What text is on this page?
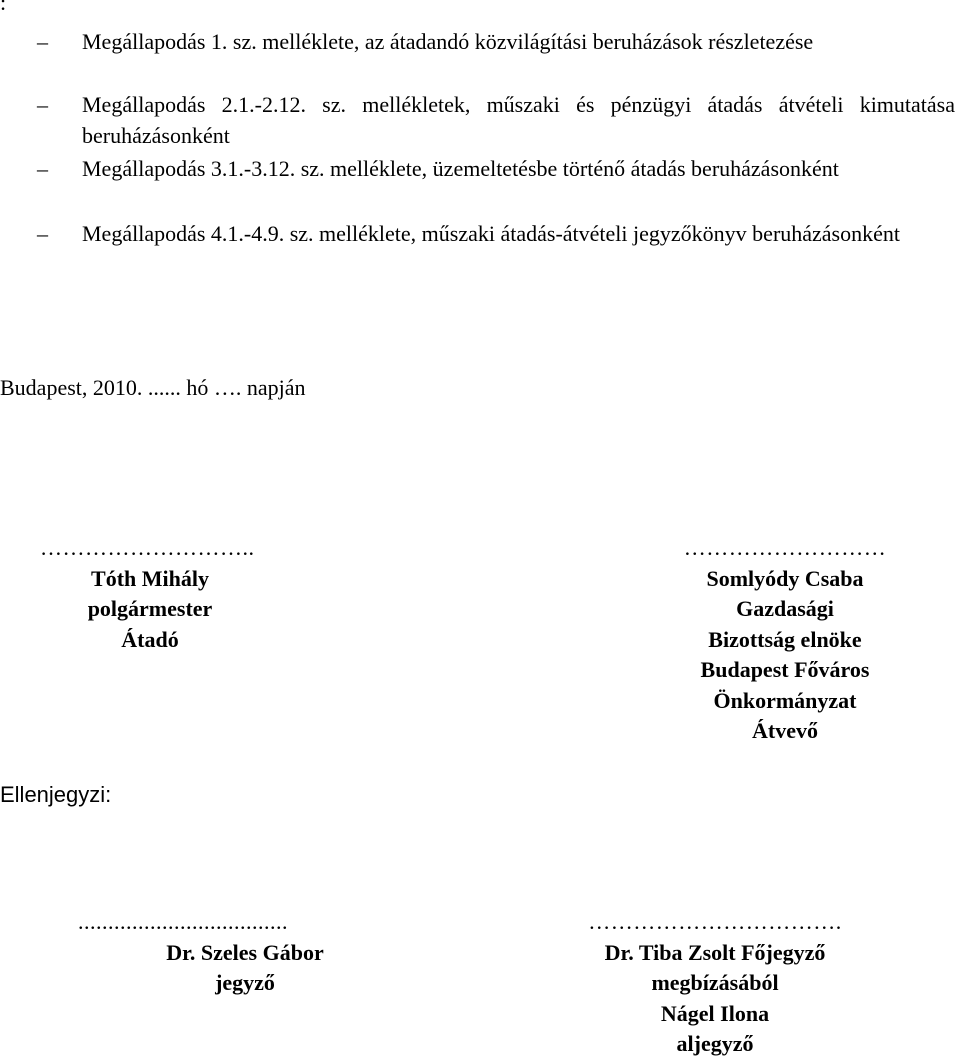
:
– Megállapodás 1. sz. melléklete, az átadandó közvilágítási beruházások részletezése
– Megállapodás 2.1.-2.12. sz. mellékletek, műszaki és pénzügyi átadás átvételi kimutatása beruházásonként
– Megállapodás 3.1.-3.12. sz. melléklete, üzemeltetésbe történő átadás beruházásonként
– Megállapodás 4.1.-4.9. sz. melléklete, műszaki átadás-átvételi jegyzőkönyv beruházásonként
Budapest, 2010. ...... hó …. napján
………………………..
Tóth Mihály
polgármester
Átadó
………………………
Somlyódy Csaba
Gazdasági
Bizottság elnöke
Budapest Főváros
Önkormányzat
Átvevő
Ellenjegyzi:
...................................
Dr. Szeles Gábor
jegyző
…………………………….
Dr. Tiba Zsolt Főjegyző
megbízásából
Nágel Ilona
aljegyző
